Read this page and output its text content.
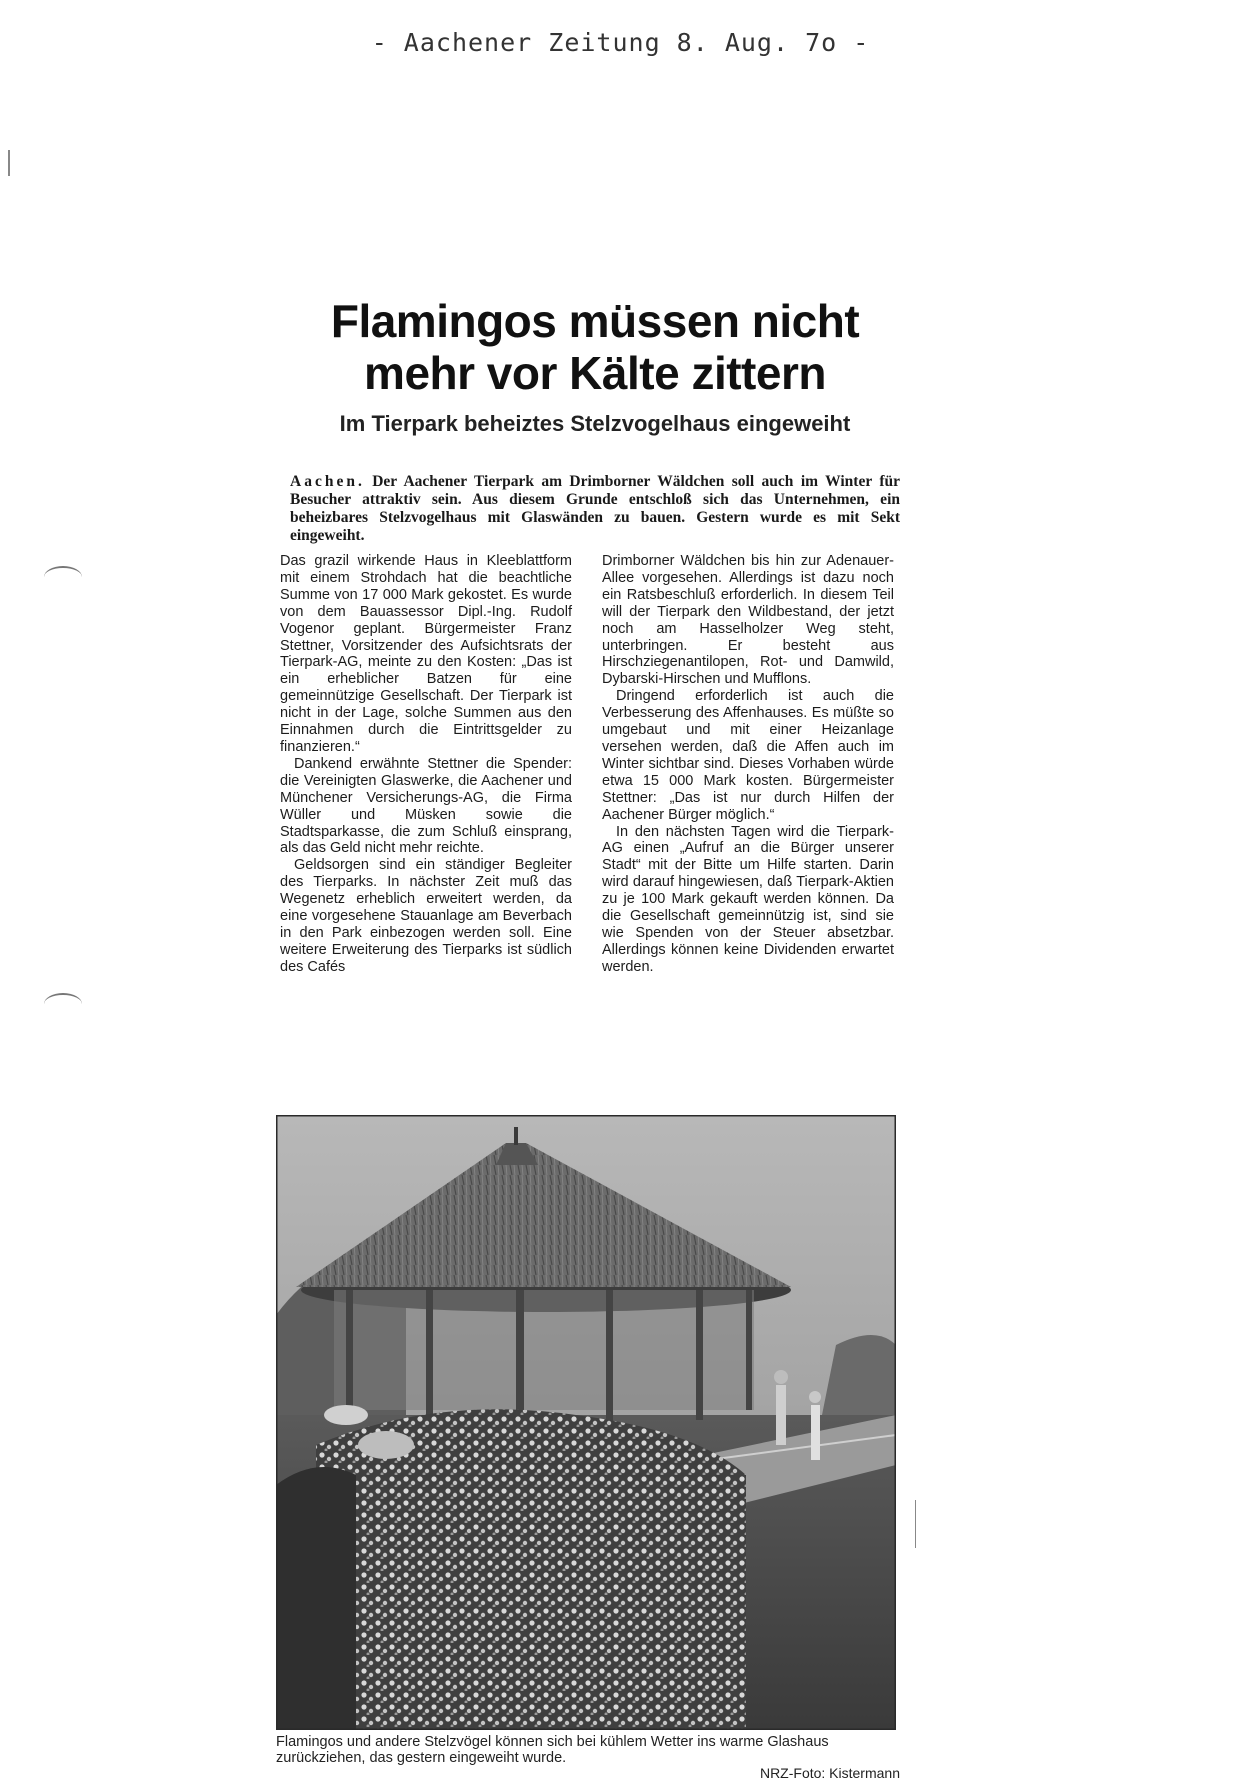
- Aachener Zeitung 8. Aug. 7o -
Flamingos müssen nicht
mehr vor Kälte zittern
Im Tierpark beheiztes Stelzvogelhaus eingeweiht
Aachen. Der Aachener Tierpark am Drimborner Wäldchen soll auch im Winter für Besucher attraktiv sein. Aus diesem Grunde entschloß sich das Unternehmen, ein beheizbares Stelzvogelhaus mit Glaswänden zu bauen. Gestern wurde es mit Sekt eingeweiht.

Das grazil wirkende Haus in Kleeblattform mit einem Strohdach hat die beachtliche Summe von 17 000 Mark gekostet. Es wurde von dem Bauassessor Dipl.-Ing. Rudolf Vogenor geplant. Bürgermeister Franz Stettner, Vorsitzender des Aufsichtsrats der Tierpark-AG, meinte zu den Kosten: „Das ist ein erheblicher Batzen für eine gemeinnützige Gesellschaft. Der Tierpark ist nicht in der Lage, solche Summen aus den Einnahmen durch die Eintrittsgelder zu finanzieren.“

Dankend erwähnte Stettner die Spender: die Vereinigten Glaswerke, die Aachener und Münchener Versicherungs-AG, die Firma Wüller und Müsken sowie die Stadtsparkasse, die zum Schluß einsprang, als das Geld nicht mehr reichte.

Geldsorgen sind ein ständiger Begleiter des Tierparks. In nächster Zeit muß das Wegenetz erheblich erweitert werden, da eine vorgesehene Stauanlage am Beverbach in den Park einbezogen werden soll. Eine weitere Erweiterung des Tierparks ist südlich des Cafés

Drimborner Wäldchen bis hin zur Adenauer-Allee vorgesehen. Allerdings ist dazu noch ein Ratsbeschluß erforderlich. In diesem Teil will der Tierpark den Wildbestand, der jetzt noch am Hasselholzer Weg steht, unterbringen. Er besteht aus Hirschziegenantilopen, Rot- und Damwild, Dybarski-Hirschen und Mufflons.

Dringend erforderlich ist auch die Verbesserung des Affenhauses. Es müßte so umgebaut und mit einer Heizanlage versehen werden, daß die Affen auch im Winter sichtbar sind. Dieses Vorhaben würde etwa 15 000 Mark kosten. Bürgermeister Stettner: „Das ist nur durch Hilfen der Aachener Bürger möglich.“

In den nächsten Tagen wird die Tierpark-AG einen „Aufruf an die Bürger unserer Stadt“ mit der Bitte um Hilfe starten. Darin wird darauf hingewiesen, daß Tierpark-Aktien zu je 100 Mark gekauft werden können. Da die Gesellschaft gemeinnützig ist, sind sie wie Spenden von der Steuer absetzbar. Allerdings können keine Dividenden erwartet werden.

Flamingos und andere Stelzvögel können sich bei kühlem Wetter ins warme Glashaus zurückziehen, das gestern eingeweiht wurde.
NRZ-Foto: Kistermann
